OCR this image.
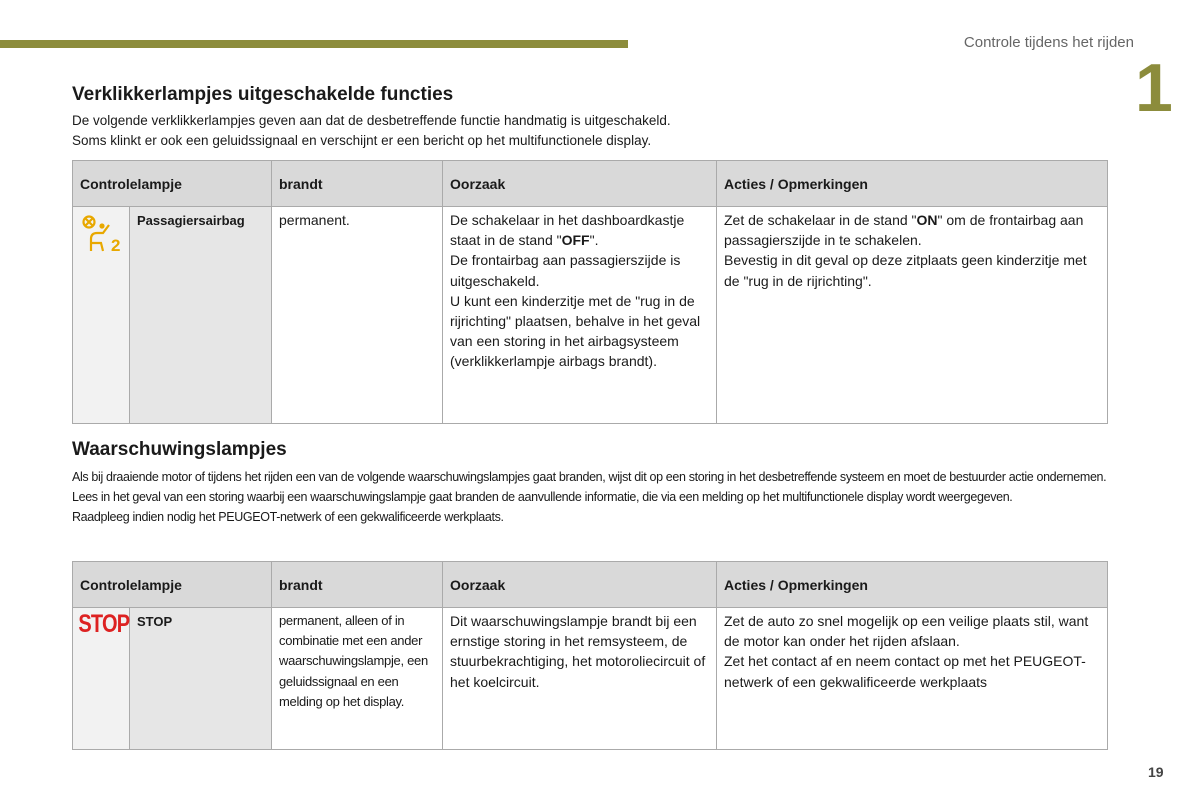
Controle tijdens het rijden
1
Verklikkerlampjes uitgeschakelde functies

De volgende verklikkerlampjes geven aan dat de desbetreffende functie handmatig is uitgeschakeld.

Soms klinkt er ook een geluidssignaal en verschijnt er een bericht op het multifunctionele display.

Controlelampje		brandt	Oorzaak	Acties / Opmerkingen

2	Passagiersairbag	permanent.	De schakelaar in het dashboardkastje staat in de stand "OFF".
De frontairbag aan passagierszijde is uitgeschakeld.
U kunt een kinderzitje met de "rug in de rijrichting" plaatsen, behalve in het geval van een storing in het airbagsysteem (verklikkerlampje airbags brandt).	Zet de schakelaar in de stand "ON" om de frontairbag aan passagierszijde in te schakelen.
Bevestig in dit geval op deze zitplaats geen kinderzitje met de "rug in de rijrichting".
Waarschuwingslampjes

Als bij draaiende motor of tijdens het rijden een van de volgende waarschuwingslampjes gaat branden, wijst dit op een storing in het desbetreffende systeem en moet de bestuurder actie ondernemen.

Lees in het geval van een storing waarbij een waarschuwingslampje gaat branden de aanvullende informatie, die via een melding op het multifunctionele display wordt weergegeven.

Raadpleeg indien nodig het PEUGEOT-netwerk of een gekwalificeerde werkplaats.

Controlelampje		brandt	Oorzaak	Acties / Opmerkingen
STOP	STOP	permanent, alleen of in combinatie met een ander waarschuwingslampje, een geluidssignaal en een melding op het display.	Dit waarschuwingslampje brandt bij een ernstige storing in het remsysteem, de stuurbekrachtiging, het motoroliecircuit of het koelcircuit.	Zet de auto zo snel mogelijk op een veilige plaats stil, want de motor kan onder het rijden afslaan.
Zet het contact af en neem contact op met het PEUGEOT-netwerk of een gekwalificeerde werkplaats
19
